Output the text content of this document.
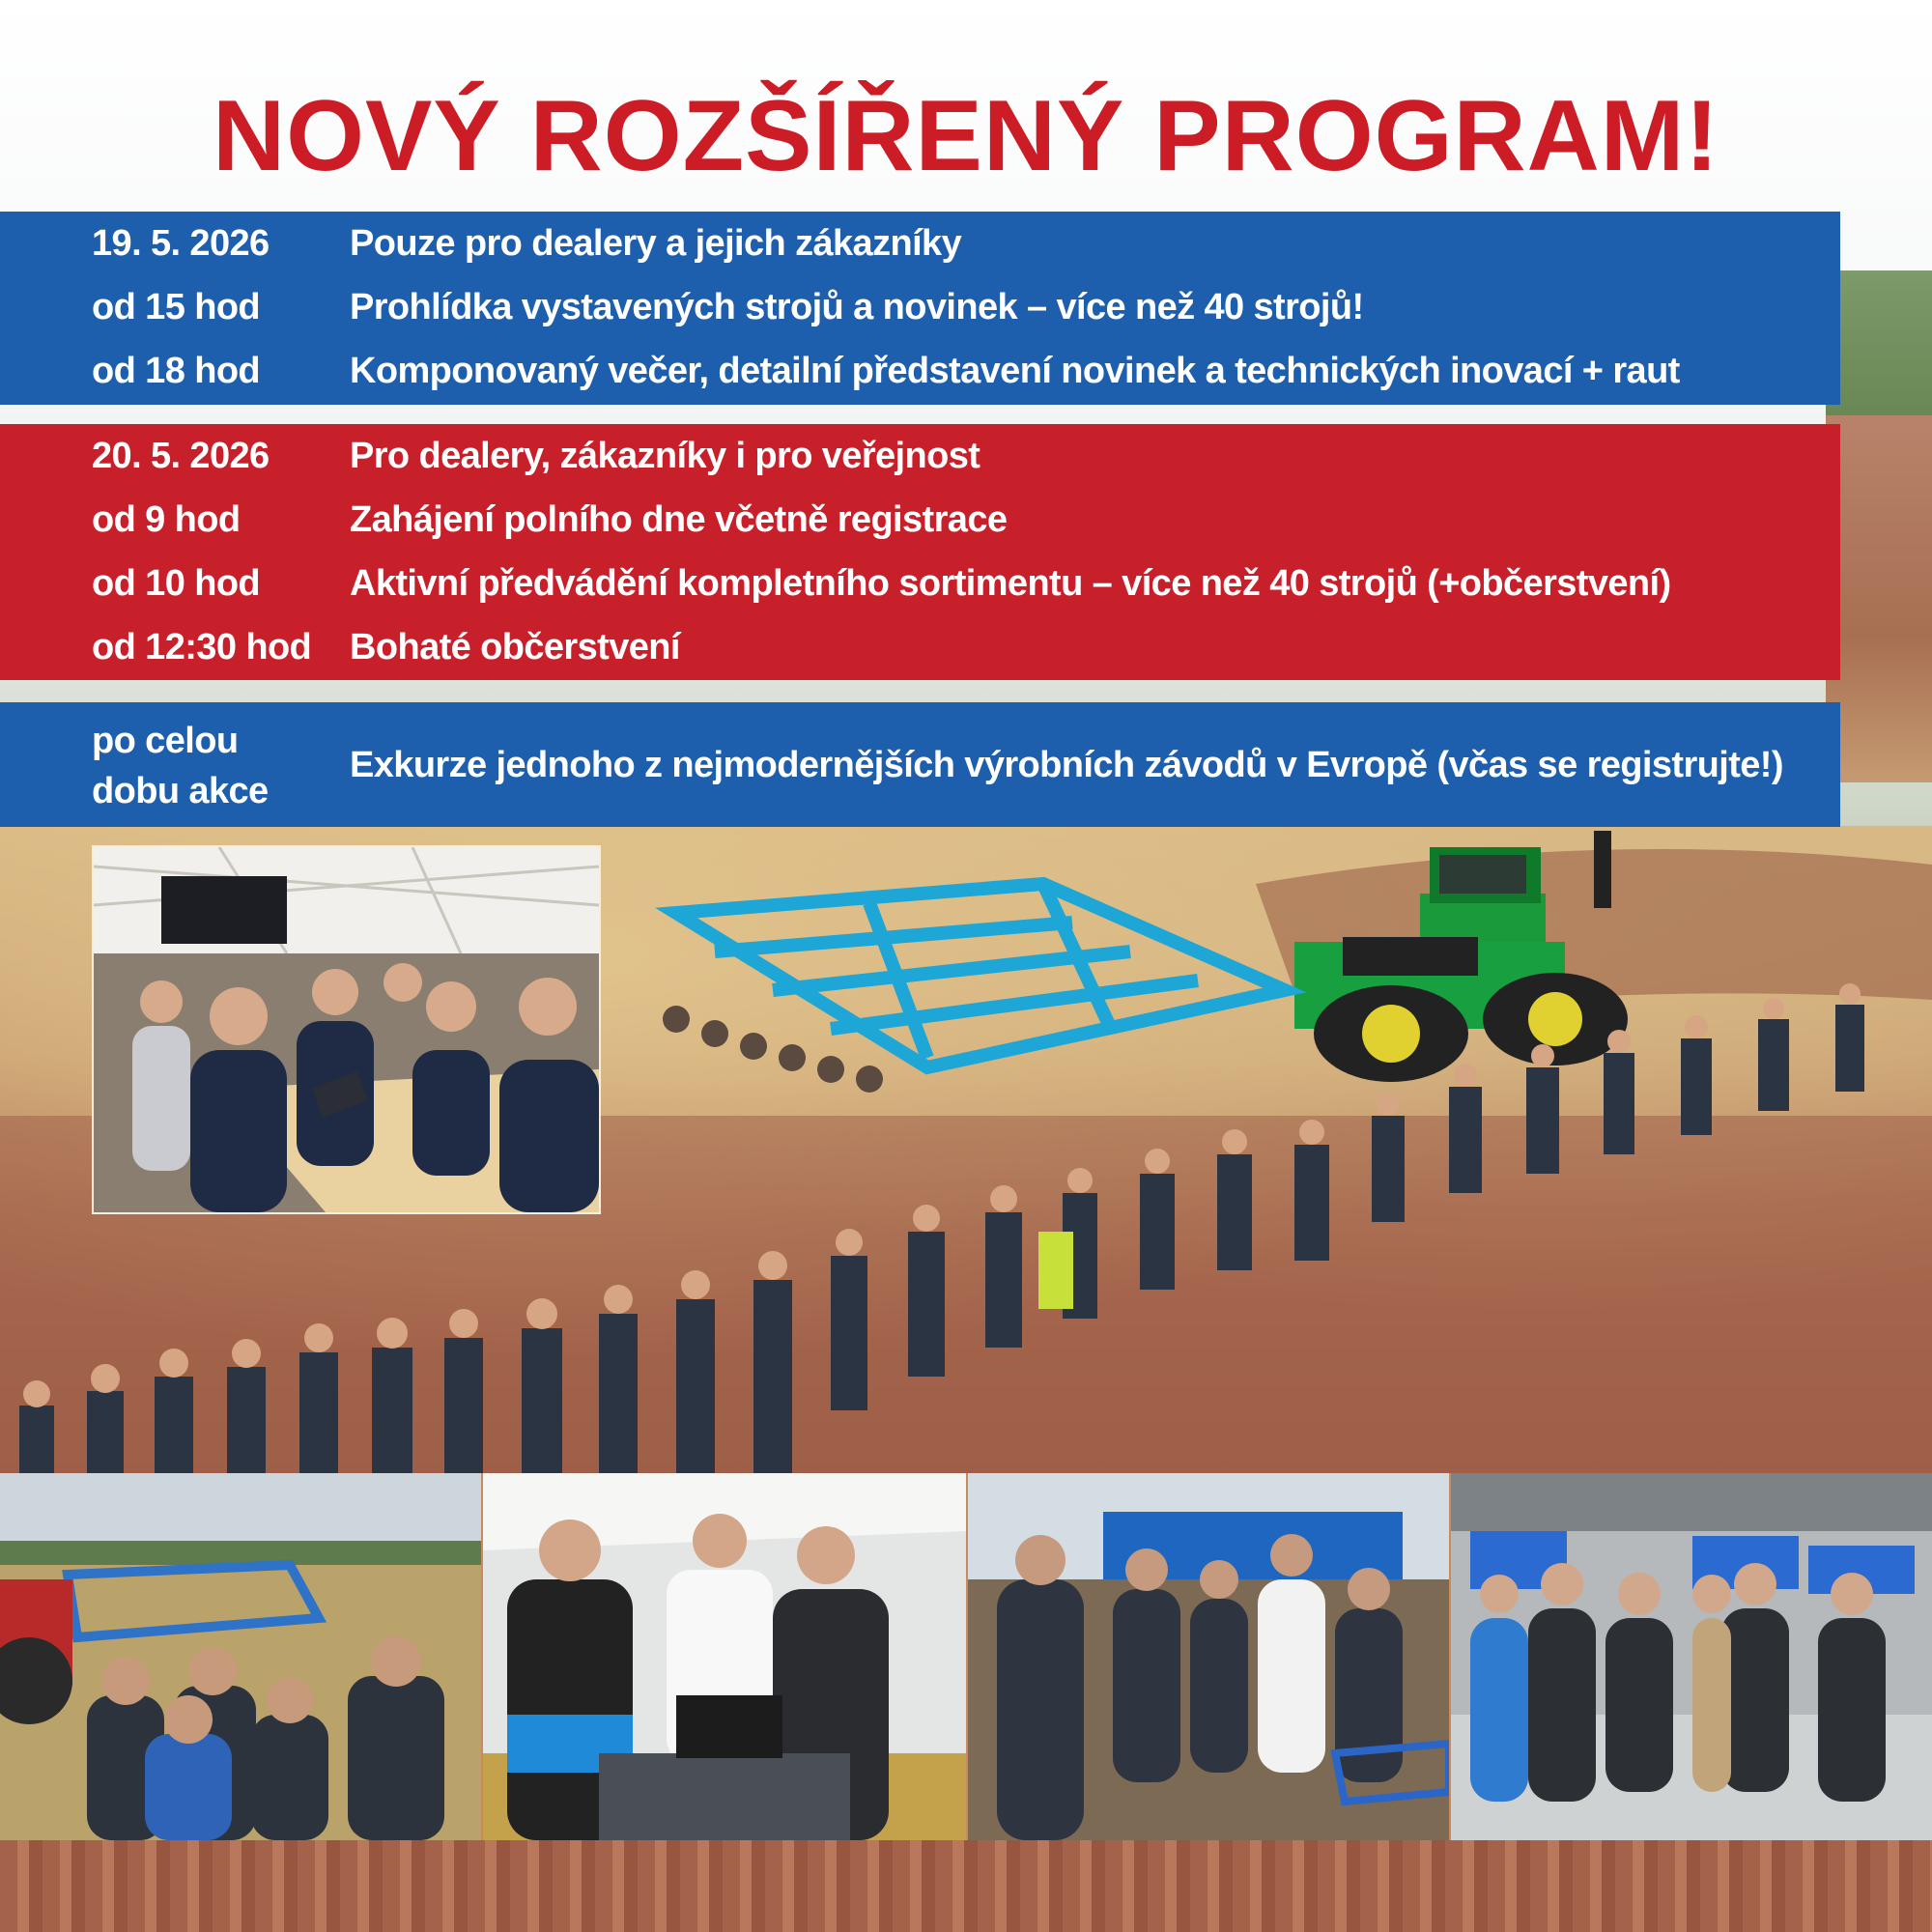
NOVÝ ROZŠÍŘENÝ PROGRAM!
19. 5. 2026 Pouze pro dealery a jejich zákazníky
od 15 hod Prohlídka vystavených strojů a novinek – více než 40 strojů!
od 18 hod Komponovaný večer, detailní představení novinek a technických inovací + raut
20. 5. 2026 Pro dealery, zákazníky i pro veřejnost
od 9 hod	Zahájení polního dne včetně registrace
od 10 hod Aktivní předvádění kompletního sortimentu – více než 40 strojů (+občerstvení)
od 12:30 hod Bohaté občerstvení
po celou
dobu akce
Exkurze jednoho z nejmodernějších výrobních závodů v Evropě (včas se registrujte!)
